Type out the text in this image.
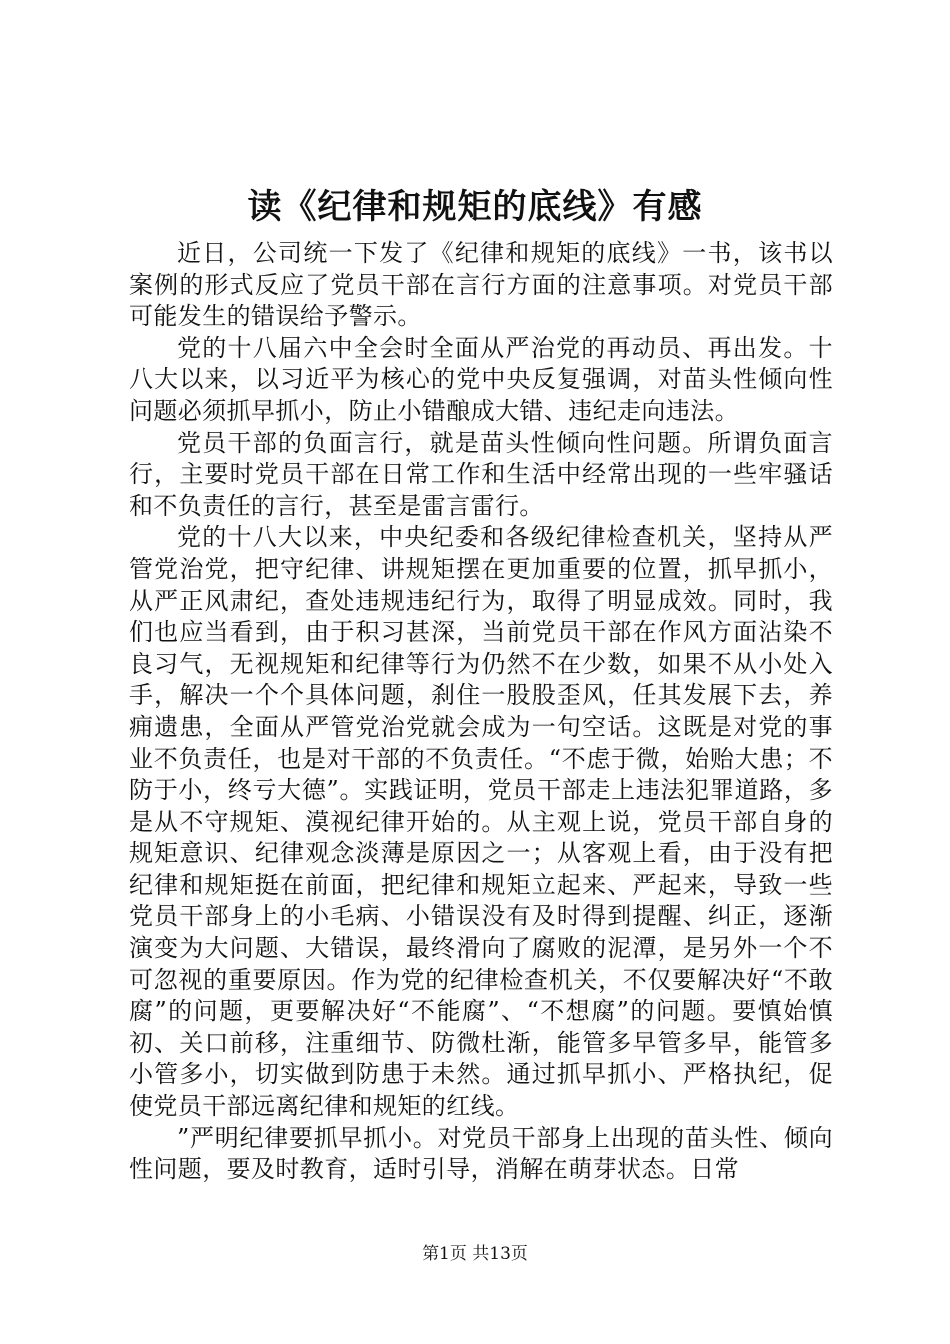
读《纪律和规矩的底线》有感

近日，公司统一下发了《纪律和规矩的底线》一书，该书以案例的形式反应了党员干部在言行方面的注意事项。对党员干部可能发生的错误给予警示。

党的十八届六中全会时全面从严治党的再动员、再出发。十八大以来，以习近平为核心的党中央反复强调，对苗头性倾向性问题必须抓早抓小，防止小错酿成大错、违纪走向违法。

党员干部的负面言行，就是苗头性倾向性问题。所谓负面言行，主要时党员干部在日常工作和生活中经常出现的一些牢骚话和不负责任的言行，甚至是雷言雷行。

党的十八大以来，中央纪委和各级纪律检查机关，坚持从严管党治党，把守纪律、讲规矩摆在更加重要的位置，抓早抓小，从严正风肃纪，查处违规违纪行为，取得了明显成效。同时，我们也应当看到，由于积习甚深，当前党员干部在作风方面沾染不良习气，无视规矩和纪律等行为仍然不在少数，如果不从小处入手，解决一个个具体问题，刹住一股股歪风，任其发展下去，养痈遗患，全面从严管党治党就会成为一句空话。这既是对党的事业不负责任，也是对干部的不负责任。“不虑于微，始贻大患；不防于小，终亏大德”。实践证明，党员干部走上违法犯罪道路，多是从不守规矩、漠视纪律开始的。从主观上说，党员干部自身的规矩意识、纪律观念淡薄是原因之一；从客观上看，由于没有把纪律和规矩挺在前面，把纪律和规矩立起来、严起来，导致一些党员干部身上的小毛病、小错误没有及时得到提醒、纠正，逐渐演变为大问题、大错误，最终滑向了腐败的泥潭，是另外一个不可忽视的重要原因。作为党的纪律检查机关，不仅要解决好“不敢腐”的问题，更要解决好“不能腐”、“不想腐”的问题。要慎始慎初、关口前移，注重细节、防微杜渐，能管多早管多早，能管多小管多小，切实做到防患于未然。通过抓早抓小、严格执纪，促使党员干部远离纪律和规矩的红线。

”严明纪律要抓早抓小。对党员干部身上出现的苗头性、倾向性问题，要及时教育，适时引导，消解在萌芽状态。日常

第1页 共13页
